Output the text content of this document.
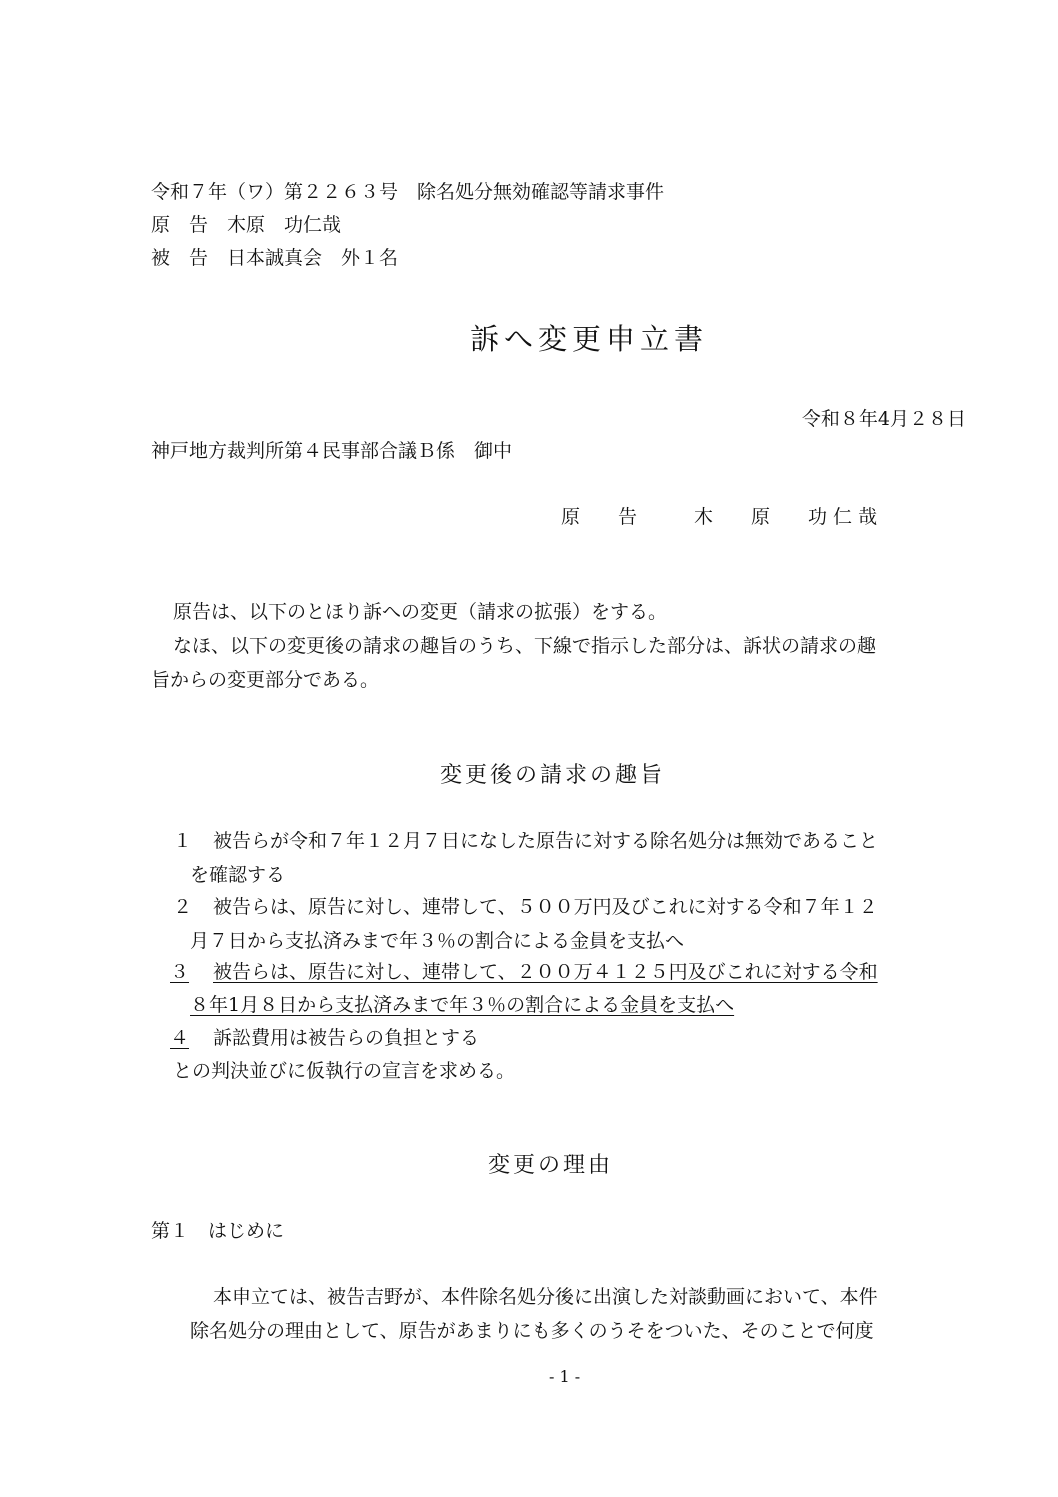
令和７年（ワ）第２２６３号　除名処分無効確認等請求事件
原　告　木原　功仁哉
被　告　日本誠真会　外１名
訴へ変更申立書
令和８年4月２８日
神戸地方裁判所第４民事部合議Ｂ係　御中
原　　告　　　木　　原　　功 仁 哉
原告は、以下のとほり訴への変更（請求の拡張）をする。
なほ、以下の変更後の請求の趣旨のうち、下線で指示した部分は、訴状の請求の趣
旨からの変更部分である。
変更後の請求の趣旨
１ 被告らが令和７年１２月７日になした原告に対する除名処分は無効であること
を確認する
２ 被告らは、原告に対し、連帯して、５００万円及びこれに対する令和７年１２
月７日から支払済みまで年３％の割合による金員を支払へ
３ 被告らは、原告に対し、連帯して、２００万４１２５円及びこれに対する令和
８年1月８日から支払済みまで年３％の割合による金員を支払へ
４ 訴訟費用は被告らの負担とする
との判決並びに仮執行の宣言を求める。
変更の理由
第１　はじめに
本申立ては、被告吉野が、本件除名処分後に出演した対談動画において、本件
除名処分の理由として、原告があまりにも多くのうそをついた、そのことで何度
- 1 -
